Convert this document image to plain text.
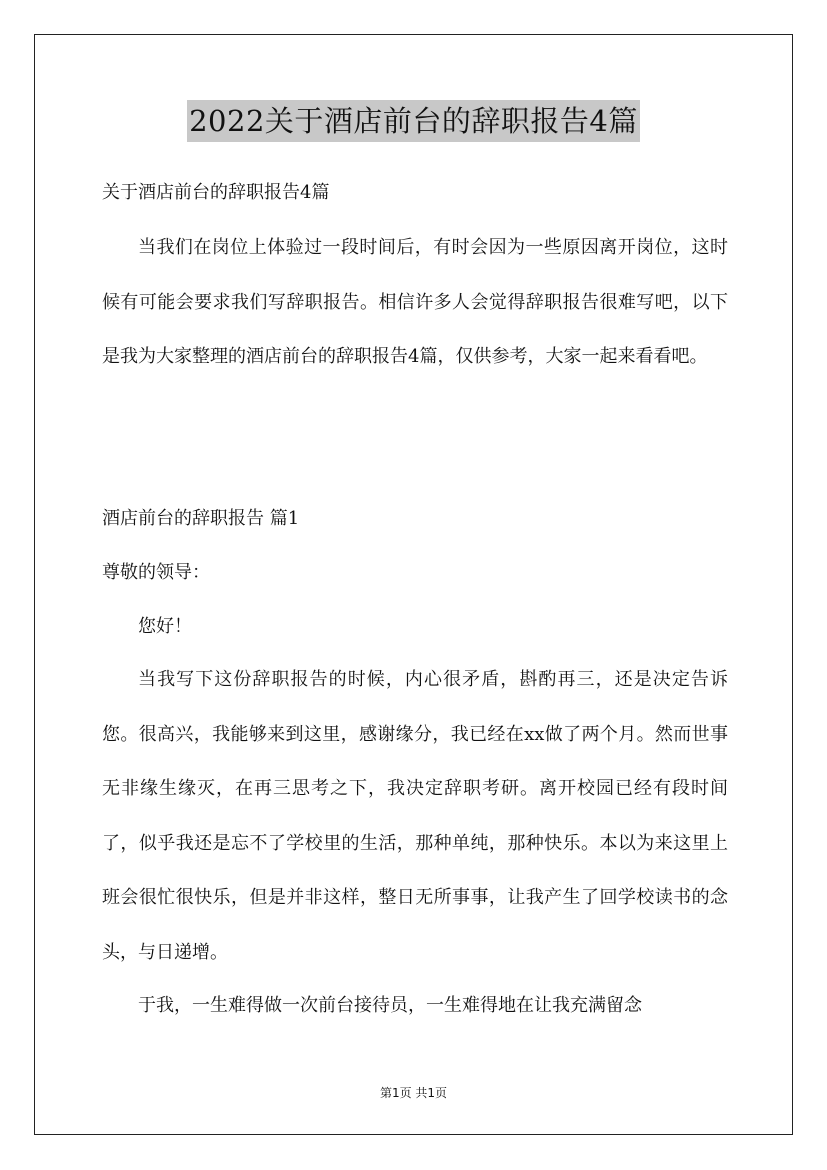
2022关于酒店前台的辞职报告4篇
关于酒店前台的辞职报告4篇

当我们在岗位上体验过一段时间后，有时会因为一些原因离开岗位，这时候有可能会要求我们写辞职报告。相信许多人会觉得辞职报告很难写吧，以下是我为大家整理的酒店前台的辞职报告4篇，仅供参考，大家一起来看看吧。

酒店前台的辞职报告 篇1
尊敬的领导：
您好！

当我写下这份辞职报告的时候，内心很矛盾，斟酌再三，还是决定告诉您。很高兴，我能够来到这里，感谢缘分，我已经在xx做了两个月。然而世事无非缘生缘灭，在再三思考之下，我决定辞职考研。离开校园已经有段时间了，似乎我还是忘不了学校里的生活，那种单纯，那种快乐。本以为来这里上班会很忙很快乐，但是并非这样，整日无所事事，让我产生了回学校读书的念头，与日递增。

于我，一生难得做一次前台接待员，一生难得地在让我充满留念

第1页 共1页
